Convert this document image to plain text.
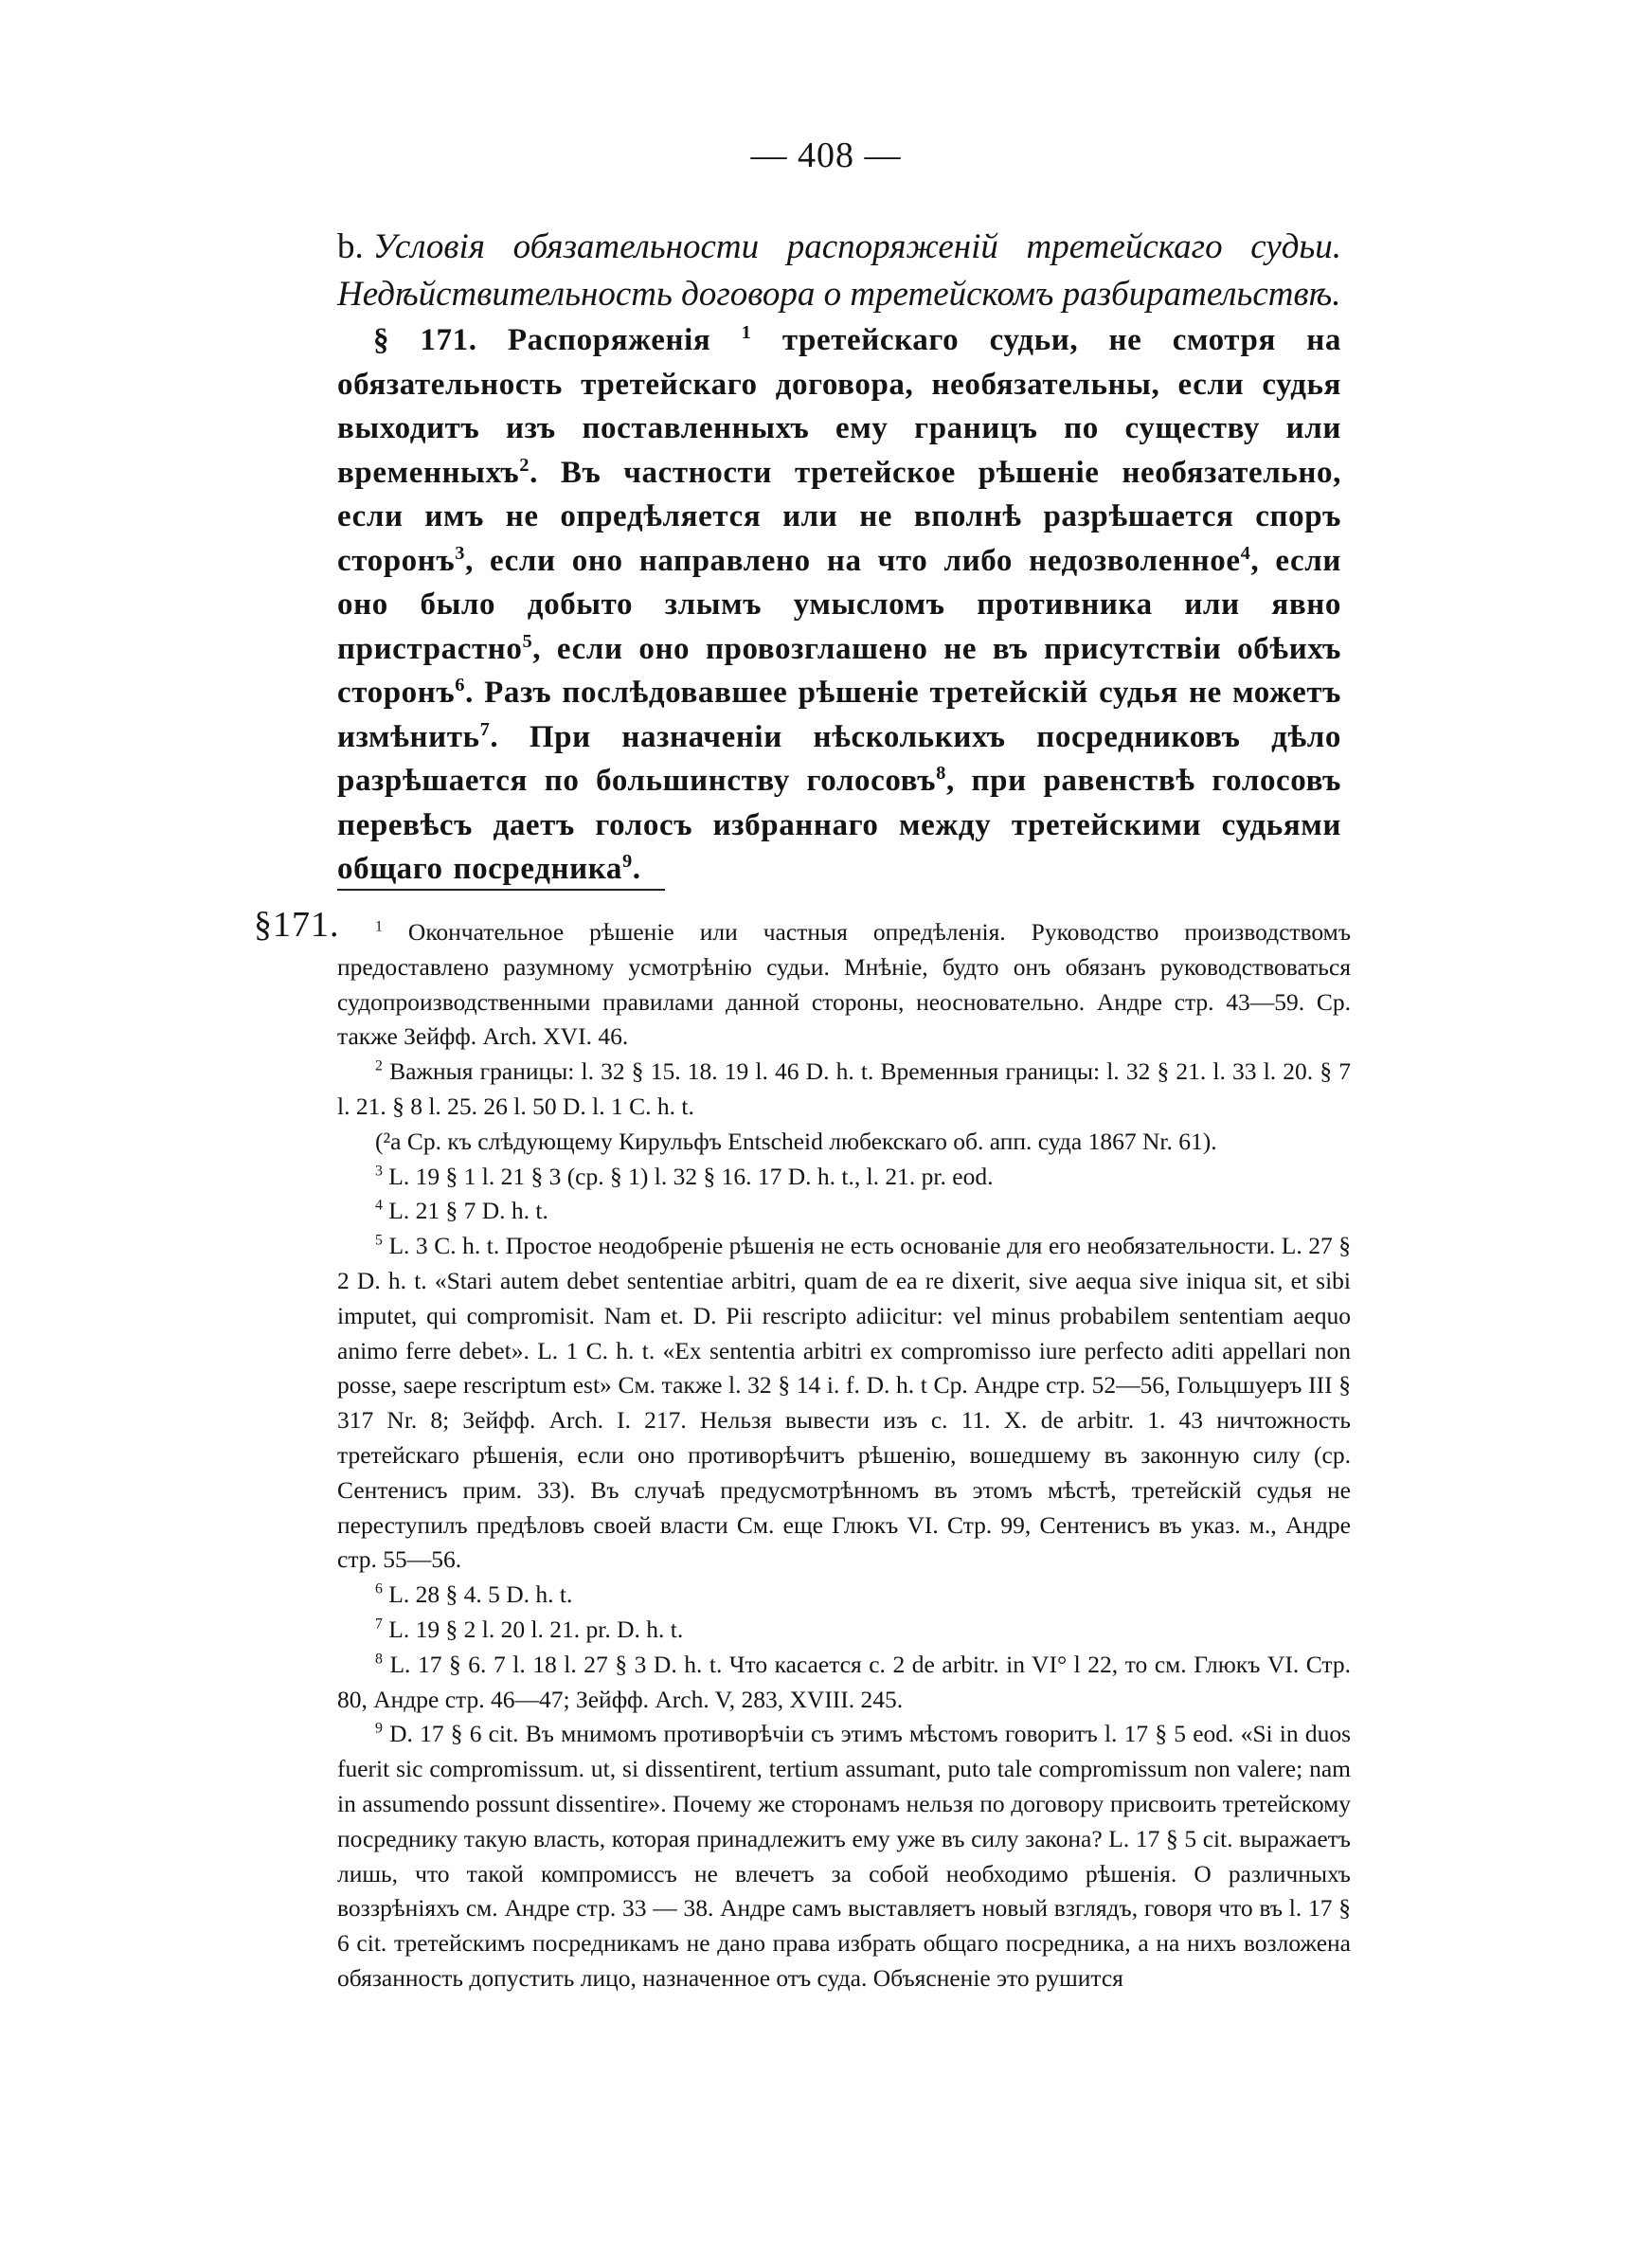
— 408 —
b. Условія обязательности распоряженій третейскаго судьи. Недѣйствительность договора о третейскомъ разбирательствѣ.
§ 171. Распоряженія $^1$ третейскаго судьи, не смотря на обязательность третейскаго договора, необязательны, если судья выходитъ изъ поставленныхъ ему границъ по существу или временныхъ$^2$. Въ частности третейское рѣшеніе необязательно, если имъ не опредѣляется или не вполнѣ разрѣшается споръ сторонъ$^3$, если оно направлено на что либо недозволенное$^4$, если оно было добыто злымъ умысломъ противника или явно пристрастно$^5$, если оно провозглашено не въ присутствіи обѣихъ сторонъ$^6$. Разъ послѣдовавшее рѣшеніе третейскій судья не можетъ измѣнить$^7$. При назначеніи нѣсколькихъ посредниковъ дѣло разрѣшается по большинству голосовъ$^8$, при равенствѣ голосовъ перевѣсъ даетъ голосъ избраннаго между третейскими судьями общаго посредника$^9$.
§171.	$^1$ Окончательное рѣшеніе или частныя опредѣленія. Руководство производствомъ предоставлено разумному усмотрѣнію судьи. Мнѣніе, будто онъ обязанъ руководствоваться судопроизводственными правилами данной стороны, неосновательно. Андре стр. 43—59. Ср. также Зейфф. Arch. XVI. 46.

$^2$ Важныя границы: l. 32 § 15. 18. 19 l. 46 D. h. t. Временныя границы: l. 32 § 21. l. 33 l. 20. § 7 l. 21. § 8 l. 25. 26 l. 50 D. l. 1 C. h. t.

(²a Ср. къ слѣдующему Кирульфъ Entscheid любекскаго об. апп. суда 1867 Nr. 61).

$^3$ L. 19 § 1 l. 21 § 3 (ср. § 1) l. 32 § 16. 17 D. h. t., l. 21. pr. eod.

$^4$ L. 21 § 7 D. h. t.

$^5$ L. 3 C. h. t. Простое неодобреніе рѣшенія не есть основаніе для его необязательности. L. 27 § 2 D. h. t. «Stari autem debet sententiae arbitri, quam de ea re dixerit, sive aequa sive iniqua sit, et sibi imputet, qui compromisit. Nam et. D. Pii rescripto adiicitur: vel minus probabilem sententiam aequo animo ferre debet». L. 1 C. h. t. «Ex sententia arbitri ex compromisso iure perfecto aditi appellari non posse, saepe rescriptum est» См. также l. 32 § 14 i. f. D. h. t Ср. Андре стр. 52—56, Гольцшуеръ III § 317 Nr. 8; Зейфф. Arch. I. 217. Нельзя вывести изъ с. 11. X. de arbitr. 1. 43 ничтожность третейскаго рѣшенія, если оно противорѣчитъ рѣшенію, вошедшему въ законную силу (ср. Сентенисъ прим. 33). Въ случаѣ предусмотрѣнномъ въ этомъ мѣстѣ, третейскій судья не переступилъ предѣловъ своей власти См. еще Глюкъ VI. Стр. 99, Сентенисъ въ указ. м., Андре стр. 55—56.

$^6$ L. 28 § 4. 5 D. h. t.

$^7$ L. 19 § 2 l. 20 l. 21. pr. D. h. t.

$^8$ L. 17 § 6. 7 l. 18 l. 27 § 3 D. h. t. Что касается с. 2 de arbitr. in VI° l 22, то см. Глюкъ VI. Стр. 80, Андре стр. 46—47; Зейфф. Arch. V, 283, XVIII. 245.

$^9$ D. 17 § 6 cit. Въ мнимомъ противорѣчіи съ этимъ мѣстомъ говоритъ l. 17 § 5 eod. «Si in duos fuerit sic compromissum. ut, si dissentirent, tertium assumant, puto tale compromissum non valere; nam in assumendo possunt dissentire». Почему же сторонамъ нельзя по договору присвоить третейскому посреднику такую власть, которая принадлежитъ ему уже въ силу закона? L. 17 § 5 cit. выражаетъ лишь, что такой компромиссъ не влечетъ за собой необходимо рѣшенія. О различныхъ воззрѣніяхъ см. Андре стр. 33 — 38. Андре самъ выставляетъ новый взглядъ, говоря что въ l. 17 § 6 cit. третейскимъ посредникамъ не дано права избрать общаго посредника, а на нихъ возложена обязанность допустить лицо, назначенное отъ суда. Объясненіе это рушится
